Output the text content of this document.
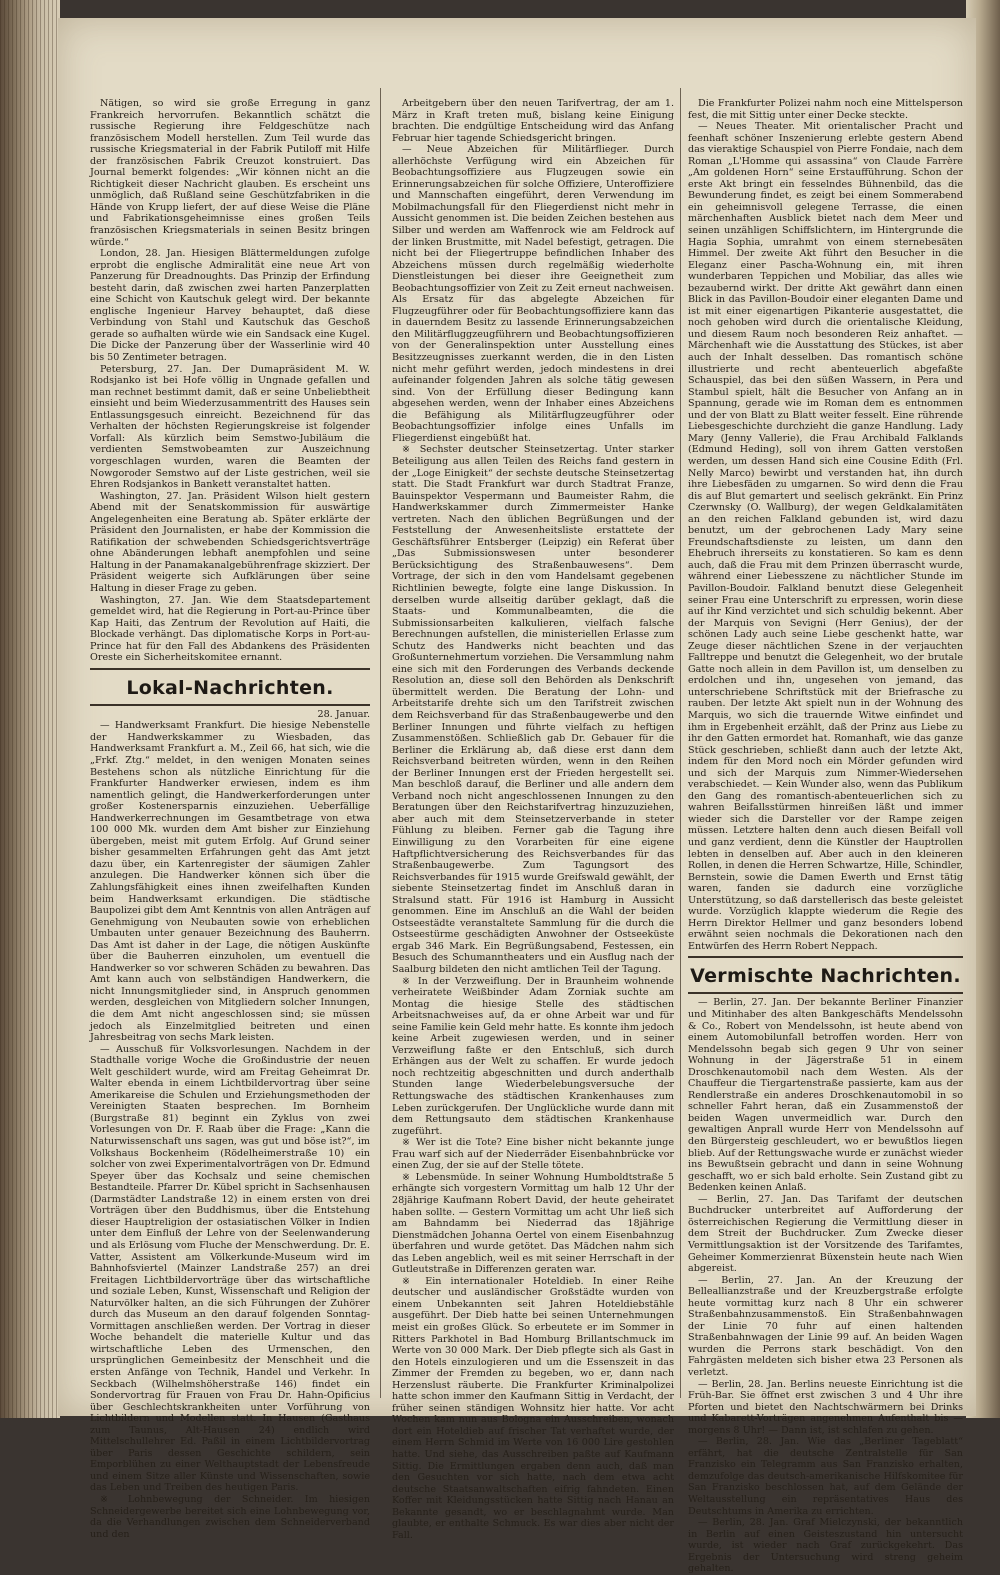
Nätigen, so wird sie große Erregung in ganz Frankreich hervorrufen. Bekanntlich schätzt die russische Regierung ihre Feldgeschütze nach französischem Modell herstellen. Zum Teil wurde das russische Kriegsmaterial in der Fabrik Putiloff mit Hilfe der französischen Fabrik Creuzot konstruiert. Das Journal bemerkt folgendes: „Wir können nicht an die Richtigkeit dieser Nachricht glauben. Es erscheint uns unmöglich, daß Rußland seine Geschützfabriken in die Hände von Krupp liefert, der auf diese Weise die Pläne und Fabrikationsgeheimnisse eines großen Teils französischen Kriegsmaterials in seinen Besitz bringen würde.“

London, 28. Jan. Hiesigen Blättermeldungen zufolge erprobt die englische Admiralität eine neue Art von Panzerung für Dreadnoughts. Das Prinzip der Erfindung besteht darin, daß zwischen zwei harten Panzerplatten eine Schicht von Kautschuk gelegt wird. Der bekannte englische Ingenieur Harvey behauptet, daß diese Verbindung von Stahl und Kautschuk das Geschoß gerade so aufhalten würde wie ein Sandsack eine Kugel. Die Dicke der Panzerung über der Wasserlinie wird 40 bis 50 Zentimeter betragen.

Petersburg, 27. Jan. Der Dumapräsident M. W. Rodsjanko ist bei Hofe völlig in Ungnade gefallen und man rechnet bestimmt damit, daß er seine Unbeliebtheit einsieht und beim Wiederzusammentritt des Hauses sein Entlassungsgesuch einreicht. Bezeichnend für das Verhalten der höchsten Regierungskreise ist folgender Vorfall: Als kürzlich beim Semstwo-Jubiläum die verdienten Semstwobeamten zur Auszeichnung vorgeschlagen wurden, waren die Beamten der Nowgoroder Semstwo auf der Liste gestrichen, weil sie Ehren Rodsjankos in Bankett veranstaltet hatten.

Washington, 27. Jan. Präsident Wilson hielt gestern Abend mit der Senatskommission für auswärtige Angelegenheiten eine Beratung ab. Später erklärte der Präsident den Journalisten, er habe der Kommission die Ratifikation der schwebenden Schiedsgerichtsverträge ohne Abänderungen lebhaft anempfohlen und seine Haltung in der Panamakanalgebührenfrage skizziert. Der Präsident weigerte sich Aufklärungen über seine Haltung in dieser Frage zu geben.

Washington, 27. Jan. Wie dem Staatsdepartement gemeldet wird, hat die Regierung in Port-au-Prince über Kap Haiti, das Zentrum der Revolution auf Haiti, die Blockade verhängt. Das diplomatische Korps in Port-au-Prince hat für den Fall des Abdankens des Präsidenten Oreste ein Sicherheitskomitee ernannt.

Lokal-Nachrichten.

28. Januar.

— Handwerksamt Frankfurt. Die hiesige Nebenstelle der Handwerkskammer zu Wiesbaden, das Handwerksamt Frankfurt a. M., Zeil 66, hat sich, wie die „Frkf. Ztg.“ meldet, in den wenigen Monaten seines Bestehens schon als nützliche Einrichtung für die Frankfurter Handwerker erwiesen, indem es ihm namentlich gelingt, die Handwerkerforderungen unter großer Kostenersparnis einzuziehen. Ueberfällige Handwerkerrechnungen im Gesamtbetrage von etwa 100 000 Mk. wurden dem Amt bisher zur Einziehung übergeben, meist mit gutem Erfolg. Auf Grund seiner bisher gesammelten Erfahrungen geht das Amt jetzt dazu über, ein Kartenregister der säumigen Zahler anzulegen. Die Handwerker können sich über die Zahlungsfähigkeit eines ihnen zweifelhaften Kunden beim Handwerksamt erkundigen. Die städtische Baupolizei gibt dem Amt Kenntnis von allen Anträgen auf Genehmigung von Neubauten sowie von erheblichen Umbauten unter genauer Bezeichnung des Bauherrn. Das Amt ist daher in der Lage, die nötigen Auskünfte über die Bauherren einzuholen, um eventuell die Handwerker so vor schweren Schäden zu bewahren. Das Amt kann auch von selbständigen Handwerkern, die nicht Innungsmitglieder sind, in Anspruch genommen werden, desgleichen von Mitgliedern solcher Innungen, die dem Amt nicht angeschlossen sind; sie müssen jedoch als Einzelmitglied beitreten und einen Jahresbeitrag von sechs Mark leisten.

— Ausschuß für Volksvorlesungen. Nachdem in der Stadthalle vorige Woche die Großindustrie der neuen Welt geschildert wurde, wird am Freitag Geheimrat Dr. Walter ebenda in einem Lichtbildervortrag über seine Amerikareise die Schulen und Erziehungsmethoden der Vereinigten Staaten besprechen. Im Bornheim (Burgstraße 81) beginnt ein Zyklus von zwei Vorlesungen von Dr. F. Raab über die Frage: „Kann die Naturwissenschaft uns sagen, was gut und böse ist?“, im Volkshaus Bockenheim (Rödelheimerstraße 10) ein solcher von zwei Experimentalvorträgen von Dr. Edmund Speyer über das Kochsalz und seine chemischen Bestandteile. Pfarrer Dr. Kübel spricht in Sachsenhausen (Darmstädter Landstraße 12) in einem ersten von drei Vorträgen über den Buddhismus, über die Entstehung dieser Hauptreligion der ostasiatischen Völker in Indien unter dem Einfluß der Lehre von der Seelenwanderung und als Erlösung vom Fluche der Menschwerdung. Dr. E. Vatter, Assistent am Völkerkunde-Museum wird im Bahnhofsviertel (Mainzer Landstraße 257) an drei Freitagen Lichtbildervorträge über das wirtschaftliche und soziale Leben, Kunst, Wissenschaft und Religion der Naturvölker halten, an die sich Führungen der Zuhörer durch das Museum an den darauf folgenden Sonntag-Vormittagen anschließen werden. Der Vortrag in dieser Woche behandelt die materielle Kultur und das wirtschaftliche Leben des Urmenschen, den ursprünglichen Gemeinbesitz der Menschheit und die ersten Anfänge von Technik, Handel und Verkehr. In Seckbach (Wilhelmshöherstraße 146) findet ein Sondervortrag für Frauen von Frau Dr. Hahn-Opificius über Geschlechtskrankheiten unter Vorführung von Lichtbildern und Modellen statt. In Hausen (Gasthaus zum Taunus, Alt-Hausen 24) endlich wird Mittelschullehrer Ed. Paßil in einem Lichtbildervortrag über Paris dessen Geschichte schildern, sein Emporblühen zu einer Welthauptstadt der Lebensfreude und einem Sitze aller Künste und Wissenschaften, sowie das Leben und Treiben des heutigen Paris.

※ Lohnbewegung der Schneider. Im hiesigen Schneidergewerbe bereitet sich eine Lohnbewegung vor, da die Verhandlungen zwischen dem Schneiderverband und den

Arbeitgebern über den neuen Tarifvertrag, der am 1. März in Kraft treten muß, bislang keine Einigung brachten. Die endgültige Entscheidung wird das Anfang Februar hier tagende Schiedsgericht bringen.

— Neue Abzeichen für Militärflieger. Durch allerhöchste Verfügung wird ein Abzeichen für Beobachtungsoffiziere aus Flugzeugen sowie ein Erinnerungsabzeichen für solche Offiziere, Unteroffiziere und Mannschaften eingeführt, deren Verwendung im Mobilmachungsfall für den Fliegerdienst nicht mehr in Aussicht genommen ist. Die beiden Zeichen bestehen aus Silber und werden am Waffenrock wie am Feldrock auf der linken Brustmitte, mit Nadel befestigt, getragen. Die nicht bei der Fliegertruppe befindlichen Inhaber des Abzeichens müssen durch regelmäßig wiederholte Dienstleistungen bei dieser ihre Geeignetheit zum Beobachtungsoffizier von Zeit zu Zeit erneut nachweisen. Als Ersatz für das abgelegte Abzeichen für Flugzeugführer oder für Beobachtungsoffiziere kann das in dauerndem Besitz zu lassende Erinnerungsabzeichen den Militärfluggzeugführern und Beobachtungsoffizieren von der Generalinspektion unter Ausstellung eines Besitzzeugnisses zuerkannt werden, die in den Listen nicht mehr geführt werden, jedoch mindestens in drei aufeinander folgenden Jahren als solche tätig gewesen sind. Von der Erfüllung dieser Bedingung kann abgesehen werden, wenn der Inhaber eines Abzeichens die Befähigung als Militärflugzeugführer oder Beobachtungsoffizier infolge eines Unfalls im Fliegerdienst eingebüßt hat.

※ Sechster deutscher Steinsetzertag. Unter starker Beteiligung aus allen Teilen des Reichs fand gestern in der „Loge Einigkeit“ der sechste deutsche Steinsetzertag statt. Die Stadt Frankfurt war durch Stadtrat Franze, Bauinspektor Vespermann und Baumeister Rahm, die Handwerkskammer durch Zimmermeister Hanke vertreten. Nach den üblichen Begrüßungen und der Feststellung der Anwesenheitsliste erstattete der Geschäftsführer Entsberger (Leipzig) ein Referat über „Das Submissionswesen unter besonderer Berücksichtigung des Straßenbauwesens“. Dem Vortrage, der sich in den vom Handelsamt gegebenen Richtlinien bewegte, folgte eine lange Diskussion. In derselben wurde allseitig darüber geklagt, daß die Staats- und Kommunalbeamten, die die Submissionsarbeiten kalkulieren, vielfach falsche Berechnungen aufstellen, die ministeriellen Erlasse zum Schutz des Handwerks nicht beachten und das Großunternehmertum vorziehen. Die Versammlung nahm eine sich mit den Forderungen des Verbands deckende Resolution an, diese soll den Behörden als Denkschrift übermittelt werden. Die Beratung der Lohn- und Arbeitstarife drehte sich um den Tarifstreit zwischen dem Reichsverband für das Straßenbaugewerbe und den Berliner Innungen und führte vielfach zu heftigen Zusammenstößen. Schließlich gab Dr. Gebauer für die Berliner die Erklärung ab, daß diese erst dann dem Reichsverband beitreten würden, wenn in den Reihen der Berliner Innungen erst der Frieden hergestellt sei. Man beschloß darauf, die Berliner und alle andern dem Verband noch nicht angeschlossenen Innungen zu den Beratungen über den Reichstarifvertrag hinzuzuziehen, aber auch mit dem Steinsetzerverbande in steter Fühlung zu bleiben. Ferner gab die Tagung ihre Einwilligung zu den Vorarbeiten für eine eigene Haftpflichtversicherung des Reichsverbandes für das Straßenbaugewerbe. Zum Tagungsort des Reichsverbandes für 1915 wurde Greifswald gewählt, der siebente Steinsetzertag findet im Anschluß daran in Stralsund statt. Für 1916 ist Hamburg in Aussicht genommen. Eine im Anschluß an die Wahl der beiden Ostseestädte veranstaltete Sammlung für die durch die Ostseestürme geschädigten Anwohner der Ostseeküste ergab 346 Mark. Ein Begrüßungsabend, Festessen, ein Besuch des Schumanntheaters und ein Ausflug nach der Saalburg bildeten den nicht amtlichen Teil der Tagung.

※ In der Verzweiflung. Der in Braunheim wohnende verheiratete Weißbinder Adam Zorniak suchte am Montag die hiesige Stelle des städtischen Arbeitsnachweises auf, da er ohne Arbeit war und für seine Familie kein Geld mehr hatte. Es konnte ihm jedoch keine Arbeit zugewiesen werden, und in seiner Verzweiflung faßte er den Entschluß, sich durch Erhängen aus der Welt zu schaffen. Er wurde jedoch noch rechtzeitig abgeschnitten und durch anderthalb Stunden lange Wiederbelebungsversuche der Rettungswache des städtischen Krankenhauses zum Leben zurückgerufen. Der Unglückliche wurde dann mit dem Rettungsauto dem städtischen Krankenhause zugeführt.

※ Wer ist die Tote? Eine bisher nicht bekannte junge Frau warf sich auf der Niederräder Eisenbahnbrücke vor einen Zug, der sie auf der Stelle tötete.

※ Lebensmüde. In seiner Wohnung Humboldtstraße 5 erhängte sich vorgestern Vormittag um halb 12 Uhr der 28jährige Kaufmann Robert David, der heute geheiratet haben sollte. — Gestern Vormittag um acht Uhr ließ sich am Bahndamm bei Niederrad das 18jährige Dienstmädchen Johanna Oertel von einem Eisenbahnzug überfahren und wurde getötet. Das Mädchen nahm sich das Leben angeblich, weil es mit seiner Herrschaft in der Gutleutstraße in Differenzen geraten war.

※ Ein internationaler Hoteldieb. In einer Reihe deutscher und ausländischer Großstädte wurden von einem Unbekannten seit Jahren Hoteldiebstähle ausgeführt. Der Dieb hatte bei seinen Unternehmungen meist ein großes Glück. So erbeutete er im Sommer in Ritters Parkhotel in Bad Homburg Brillantschmuck im Werte von 30 000 Mark. Der Dieb pflegte sich als Gast in den Hotels einzulogieren und um die Essenszeit in das Zimmer der Fremden zu begeben, wo er, dann nach Herzenslust räuberte. Die Frankfurter Kriminalpolizei hatte schon immer den Kaufmann Sittig in Verdacht, der früher seinen ständigen Wohnsitz hier hatte. Vor acht Wochen kam nun aus Bologna ein Ausschreiben, wonach dort ein Hoteldieb auf frischer Tat verhaftet wurde, der einem Herrn Schmid im Werte von 16 000 Lire gestohlen hatte. Und siehe, das Ausschreiben paßte auf Kaufmann Sittig. Die Ermittlungen ergaben denn auch, daß man den Gesuchten vor sich hatte, nach dem etwa acht deutsche Staatsanwaltschaften eifrig fahndeten. Einen Koffer mit Kleidungsstücken hatte Sittig nach Hanau an Bekannte gesandt, wo er beschlagnahmt wurde. Man glaubte, er enthalte Schmuck. Es war dies aber nicht der Fall.

Die Frankfurter Polizei nahm noch eine Mittelsperson fest, die mit Sittig unter einer Decke steckte.

— Neues Theater. Mit orientalischer Pracht und feenhaft schöner Inszenierung erlebte gestern Abend das vieraktige Schauspiel von Pierre Fondaie, nach dem Roman „L'Homme qui assassina“ von Claude Farrère „Am goldenen Horn“ seine Erstaufführung. Schon der erste Akt bringt ein fesselndes Bühnenbild, das die Bewunderung findet, es zeigt bei einem Sommerabend ein geheimnisvoll gelegene Terrasse, die einen märchenhaften Ausblick bietet nach dem Meer und seinen unzähligen Schiffslichtern, im Hintergrunde die Hagia Sophia, umrahmt von einem sternebesäten Himmel. Der zweite Akt führt den Besucher in die Eleganz einer Pascha-Wohnung ein, mit ihren wunderbaren Teppichen und Mobiliar, das alles wie bezaubernd wirkt. Der dritte Akt gewährt dann einen Blick in das Pavillon-Boudoir einer eleganten Dame und ist mit einer eigenartigen Pikanterie ausgestattet, die noch gehoben wird durch die orientalische Kleidung, und diesem Raum noch besonderen Reiz anhaftet. — Märchenhaft wie die Ausstattung des Stückes, ist aber auch der Inhalt desselben. Das romantisch schöne illustrierte und recht abenteuerlich abgefaßte Schauspiel, das bei den süßen Wassern, in Pera und Stambul spielt, hält die Besucher von Anfang an in Spannung, gerade wie im Roman dem es entnommen und der von Blatt zu Blatt weiter fesselt. Eine rührende Liebesgeschichte durchzieht die ganze Handlung. Lady Mary (Jenny Vallerie), die Frau Archibald Falklands (Edmund Heding), soll von ihrem Gatten verstoßen werden, um dessen Hand sich eine Cousine Edith (Frl. Nelly Marco) bewirbt und verstanden hat, ihn durch ihre Liebesfäden zu umgarnen. So wird denn die Frau dis auf Blut gemartert und seelisch gekränkt. Ein Prinz Czerwnsky (O. Wallburg), der wegen Geldkalamitäten an den reichen Falkland gebunden ist, wird dazu benutzt, um der gebrochenen Lady Mary seine Freundschaftsdienste zu leisten, um dann den Ehebruch ihrerseits zu konstatieren. So kam es denn auch, daß die Frau mit dem Prinzen überrascht wurde, während einer Liebesszene zu nächtlicher Stunde im Pavillon-Boudoir. Falkland benutzt diese Gelegenheit seiner Frau eine Unterschrift zu erpressen, worin diese auf ihr Kind verzichtet und sich schuldig bekennt. Aber der Marquis von Sevigni (Herr Genius), der der schönen Lady auch seine Liebe geschenkt hatte, war Zeuge dieser nächtlichen Szene in der verjauchten Falltreppe und benutzt die Gelegenheit, wo der brutale Gatte noch allein in dem Pavillon ist, um denselben zu erdolchen und ihn, ungesehen von jemand, das unterschriebene Schriftstück mit der Briefrasche zu rauben. Der letzte Akt spielt nun in der Wohnung des Marquis, wo sich die trauernde Witwe einfindet und ihm in Ergebenheit erzählt, daß der Prinz aus Liebe zu ihr den Gatten ermordet hat. Romanhaft, wie das ganze Stück geschrieben, schließt dann auch der letzte Akt, indem für den Mord noch ein Mörder gefunden wird und sich der Marquis zum Nimmer-Wiedersehen verabschiedet. — Kein Wunder also, wenn das Publikum den Gang des romantisch-abenteuerlichen sich zu wahren Beifallsstürmen hinreißen läßt und immer wieder sich die Darsteller vor der Rampe zeigen müssen. Letztere halten denn auch diesen Beifall voll und ganz verdient, denn die Künstler der Hauptrollen lebten in denselben auf. Aber auch in den kleineren Rollen, in denen die Herren Schwartze, Hille, Schindler, Bernstein, sowie die Damen Ewerth und Ernst tätig waren, fanden sie dadurch eine vorzügliche Unterstützung, so daß darstellerisch das beste geleistet wurde. Vorzüglich klappte wiederum die Regie des Herrn Direktor Hellmer und ganz besonders lobend erwähnt seien nochmals die Dekorationen nach den Entwürfen des Herrn Robert Neppach.

Vermischte Nachrichten.

— Berlin, 27. Jan. Der bekannte Berliner Finanzier und Mitinhaber des alten Bankgeschäfts Mendelssohn & Co., Robert von Mendelssohn, ist heute abend von einem Automobilunfall betroffen worden. Herr von Mendelssohn begab sich gegen 9 Uhr von seiner Wohnung in der Jägerstraße 51 in einem Droschkenautomobil nach dem Westen. Als der Chauffeur die Tiergartenstraße passierte, kam aus der Rendlerstraße ein anderes Droschkenautomobil in so schneller Fahrt heran, daß ein Zusammenstoß der beiden Wagen unvermeidlich war. Durch den gewaltigen Anprall wurde Herr von Mendelssohn auf den Bürgersteig geschleudert, wo er bewußtlos liegen blieb. Auf der Rettungswache wurde er zunächst wieder ins Bewußtsein gebracht und dann in seine Wohnung geschafft, wo er sich bald erholte. Sein Zustand gibt zu Bedenken keinen Anlaß.

— Berlin, 27. Jan. Das Tarifamt der deutschen Buchdrucker unterbreitet auf Aufforderung der österreichischen Regierung die Vermittlung dieser in dem Streit der Buchdrucker. Zum Zwecke dieser Vermittlungsaktion ist der Vorsitzende des Tarifamtes, Geheimer Kommerzienrat Büxenstein heute nach Wien abgereist.

— Berlin, 27. Jan. An der Kreuzung der Belleallianzstraße und der Kreuzbergstraße erfolgte heute vormittag kurz nach 8 Uhr ein schwerer Straßenbahnzusammenstoß. Ein Straßenbahnwagen der Linie 70 fuhr auf einen haltenden Straßenbahnwagen der Linie 99 auf. An beiden Wagen wurden die Perrons stark beschädigt. Von den Fahrgästen meldeten sich bisher etwa 23 Personen als verletzt.

— Berlin, 28. Jan. Berlins neueste Einrichtung ist die Früh-Bar. Sie öffnet erst zwischen 3 und 4 Uhr ihre Pforten und bietet den Nachtschwärmern bei Drinks und Kabarett-Vorträgen angenehmen Aufenthalt bis — morgens 8 Uhr! — Dann ist, ist schlafen zu gehen.

— Berlin, 28. Jan. Wie das „Berliner Tageblatt“ erfährt, hat die deutsche Zentralstelle für San Franzisko ein Telegramm aus San Franzisko erhalten, demzufolge das deutsch-amerikanische Hilfskomitee für San Franzisko beschlossen hat, auf dem Gelände der Weltausstellung ein repräsentatives Haus des Deutschtums in Amerika zu errichten.

— Berlin, 28. Jan. Graf Mielczynski, der bekanntlich in Berlin auf einen Geisteszustand hin untersucht wurde, ist wieder nach Graf zurückgekehrt. Das Ergebnis der Untersuchung wird streng geheim gehalten.
